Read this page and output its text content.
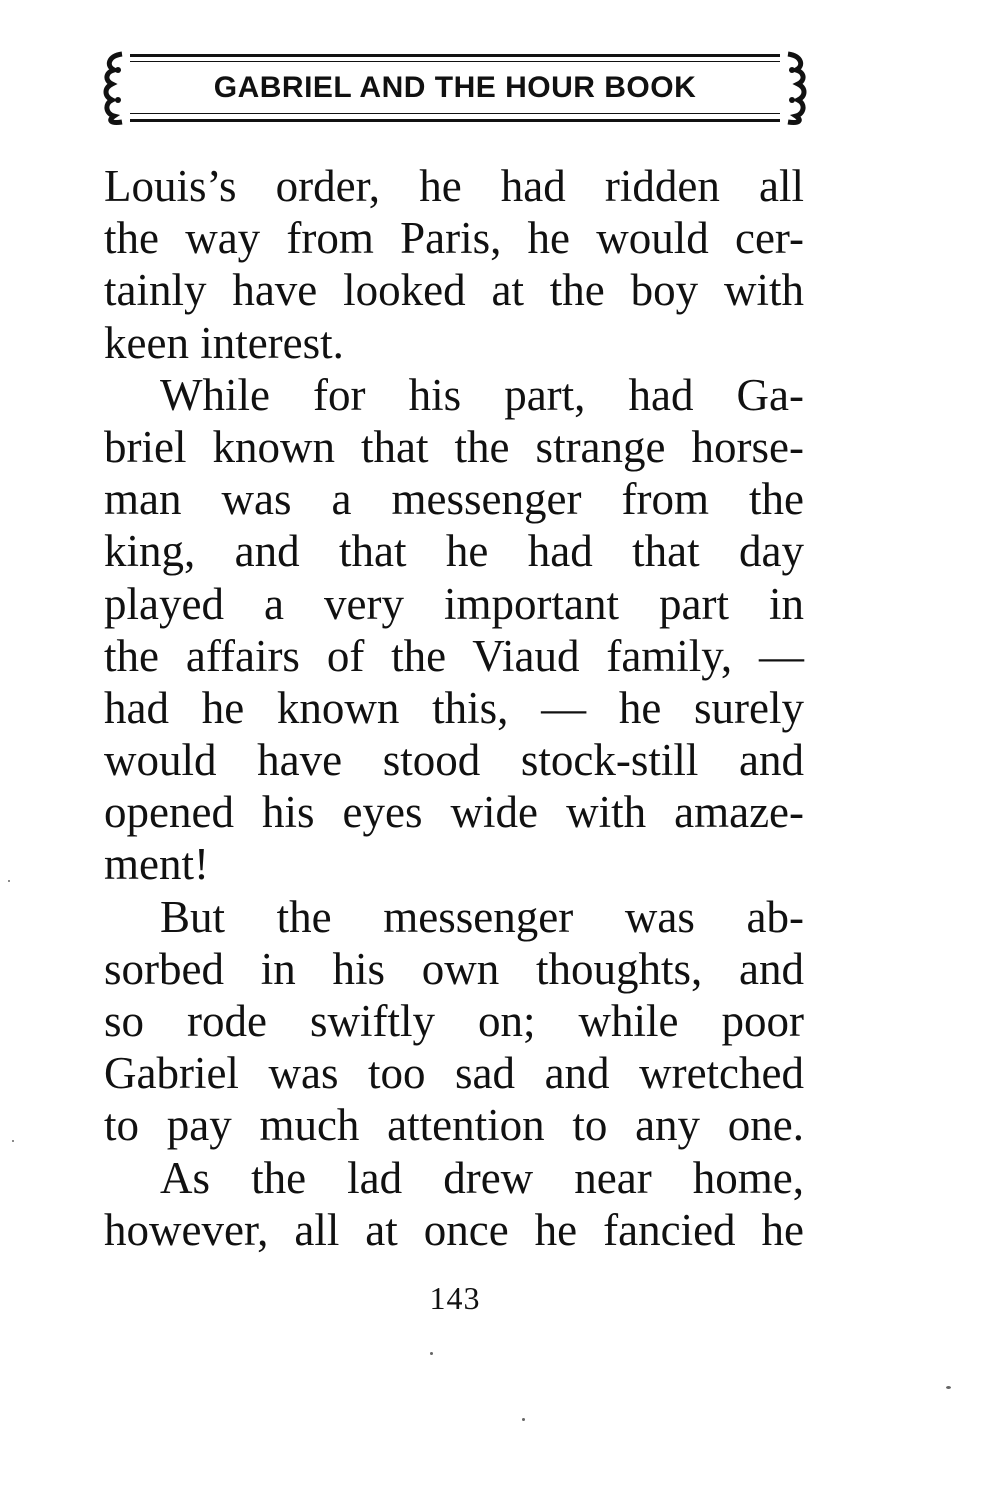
GABRIEL AND THE HOUR BOOK
Louis’s order, he had ridden all
the way from Paris, he would cer-
tainly have looked at the boy with
keen interest.
While for his part, had Ga-
briel known that the strange horse-
man was a messenger from the
king, and that he had that day
played a very important part in
the affairs of the Viaud family, —
had he known this, — he surely
would have stood stock-still and
opened his eyes wide with amaze-
ment!
But the messenger was ab-
sorbed in his own thoughts, and
so rode swiftly on; while poor
Gabriel was too sad and wretched
to pay much attention to any one.
As the lad drew near home,
however, all at once he fancied he
143
